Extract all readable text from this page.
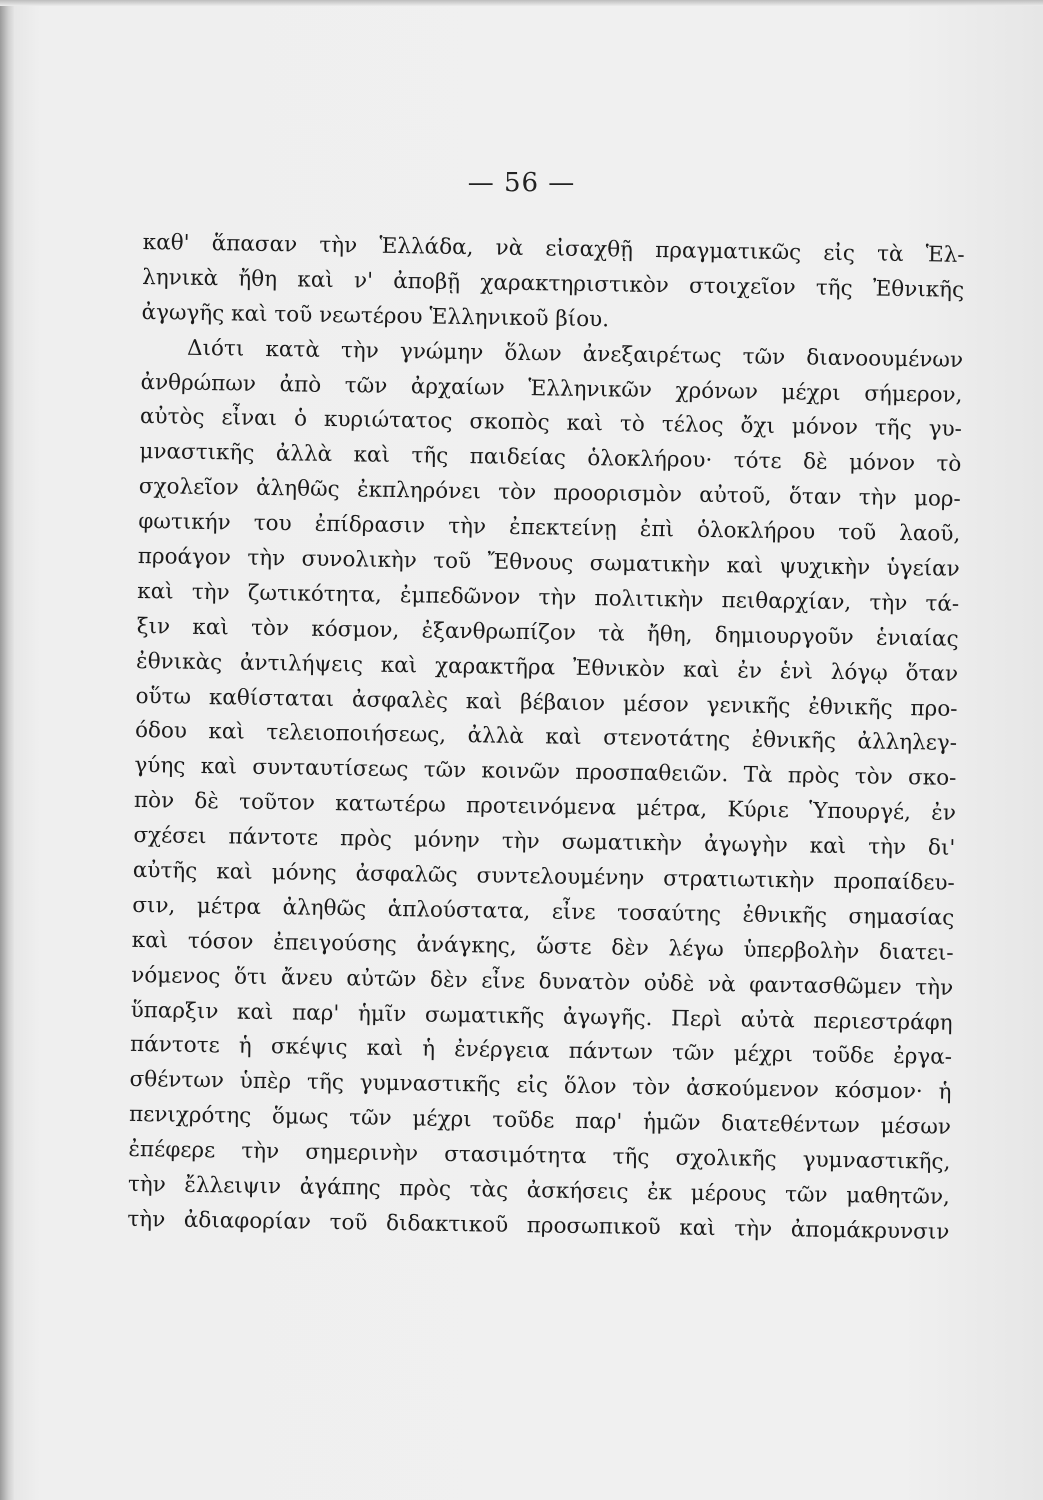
— 56 —
καθ' ἅπασαν τὴν Ἑλλάδα, νὰ εἰσαχθῇ πραγματικῶς εἰς τὰ Ἑλ-
ληνικὰ ἤθη καὶ ν' ἀποβῇ χαρακτηριστικὸν στοιχεῖον τῆς Ἐθνικῆς
ἀγωγῆς καὶ τοῦ νεωτέρου Ἑλληνικοῦ βίου.
Διότι κατὰ τὴν γνώμην ὅλων ἀνεξαιρέτως τῶν διανοουμένων
ἀνθρώπων ἀπὸ τῶν ἀρχαίων Ἑλληνικῶν χρόνων μέχρι σήμερον,
αὐτὸς εἶναι ὁ κυριώτατος σκοπὸς καὶ τὸ τέλος ὄχι μόνον τῆς γυ-
μναστικῆς ἀλλὰ καὶ τῆς παιδείας ὁλοκλήρου· τότε δὲ μόνον τὸ
σχολεῖον ἀληθῶς ἐκπληρόνει τὸν προορισμὸν αὐτοῦ, ὅταν τὴν μορ-
φωτικήν του ἐπίδρασιν τὴν ἐπεκτείνῃ ἐπὶ ὁλοκλήρου τοῦ λαοῦ,
προάγον τὴν συνολικὴν τοῦ Ἔθνους σωματικὴν καὶ ψυχικὴν ὑγείαν
καὶ τὴν ζωτικότητα, ἐμπεδῶνον τὴν πολιτικὴν πειθαρχίαν, τὴν τά-
ξιν καὶ τὸν κόσμον, ἐξανθρωπίζον τὰ ἤθη, δημιουργοῦν ἑνιαίας
ἐθνικὰς ἀντιλήψεις καὶ χαρακτῆρα Ἐθνικὸν καὶ ἐν ἑνὶ λόγῳ ὅταν
οὕτω καθίσταται ἀσφαλὲς καὶ βέβαιον μέσον γενικῆς ἐθνικῆς προ-
όδου καὶ τελειοποιήσεως, ἀλλὰ καὶ στενοτάτης ἐθνικῆς ἀλληλεγ-
γύης καὶ συνταυτίσεως τῶν κοινῶν προσπαθειῶν. Τὰ πρὸς τὸν σκο-
πὸν δὲ τοῦτον κατωτέρω προτεινόμενα μέτρα, Κύριε Ὑπουργέ, ἐν
σχέσει πάντοτε πρὸς μόνην τὴν σωματικὴν ἀγωγὴν καὶ τὴν δι'
αὐτῆς καὶ μόνης ἀσφαλῶς συντελουμένην στρατιωτικὴν προπαίδευ-
σιν, μέτρα ἀληθῶς ἁπλούστατα, εἶνε τοσαύτης ἐθνικῆς σημασίας
καὶ τόσον ἐπειγούσης ἀνάγκης, ὥστε δὲν λέγω ὑπερβολὴν διατει-
νόμενος ὅτι ἄνευ αὐτῶν δὲν εἶνε δυνατὸν οὐδὲ νὰ φαντασθῶμεν τὴν
ὕπαρξιν καὶ παρ' ἡμῖν σωματικῆς ἀγωγῆς. Περὶ αὐτὰ περιεστράφη
πάντοτε ἡ σκέψις καὶ ἡ ἐνέργεια πάντων τῶν μέχρι τοῦδε ἐργα-
σθέντων ὑπὲρ τῆς γυμναστικῆς εἰς ὅλον τὸν ἀσκούμενον κόσμον· ἡ
πενιχρότης ὅμως τῶν μέχρι τοῦδε παρ' ἡμῶν διατεθέντων μέσων
ἐπέφερε τὴν σημερινὴν στασιμότητα τῆς σχολικῆς γυμναστικῆς,
τὴν ἔλλειψιν ἀγάπης πρὸς τὰς ἀσκήσεις ἐκ μέρους τῶν μαθητῶν,
τὴν ἀδιαφορίαν τοῦ διδακτικοῦ προσωπικοῦ καὶ τὴν ἀπομάκρυνσιν
